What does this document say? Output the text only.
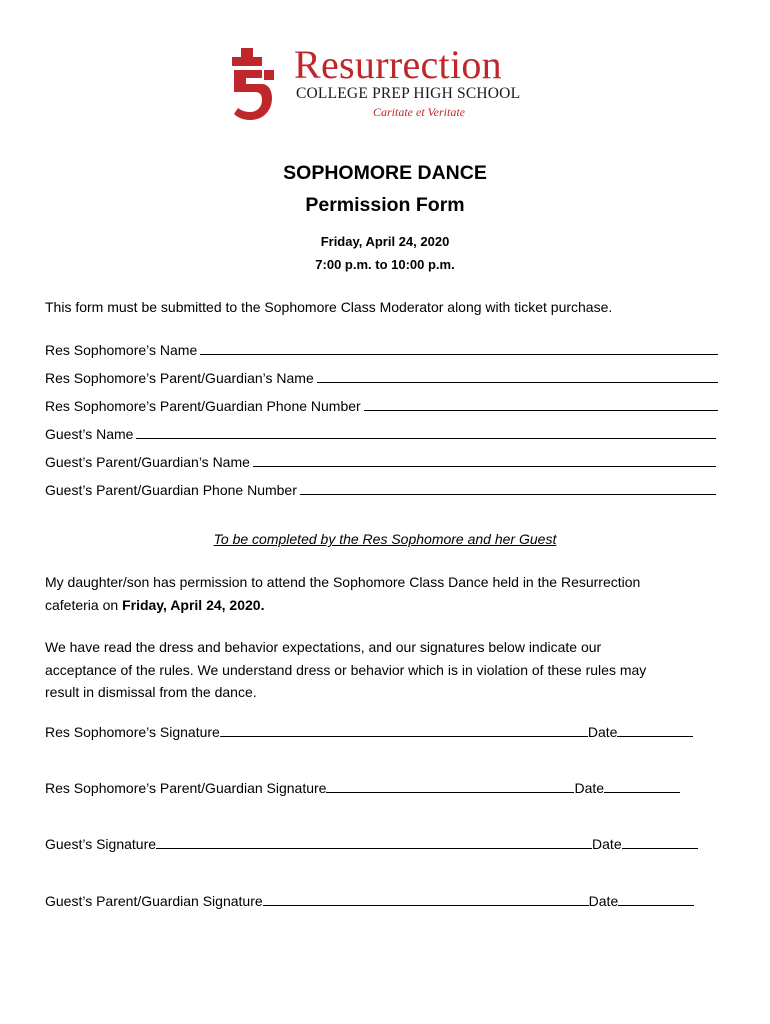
Resurrection
COLLEGE PREP HIGH SCHOOL
Caritate et Veritate
SOPHOMORE DANCE
Permission Form
Friday, April 24, 2020
7:00 p.m. to 10:00 p.m.
This form must be submitted to the Sophomore Class Moderator along with ticket purchase.
Res Sophomore’s Name
Res Sophomore’s Parent/Guardian’s Name
Res Sophomore’s Parent/Guardian Phone Number
Guest’s Name
Guest’s Parent/Guardian’s Name
Guest’s Parent/Guardian Phone Number
To be completed by the Res Sophomore and her Guest
My daughter/son has permission to attend the Sophomore Class Dance held in the Resurrection
cafeteria on Friday, April 24, 2020.
We have read the dress and behavior expectations, and our signatures below indicate our
acceptance of the rules. We understand dress or behavior which is in violation of these rules may
result in dismissal from the dance.
Res Sophomore’s Signature	Date
Res Sophomore’s Parent/Guardian Signature	Date
Guest’s Signature	Date
Guest’s Parent/Guardian Signature	Date
